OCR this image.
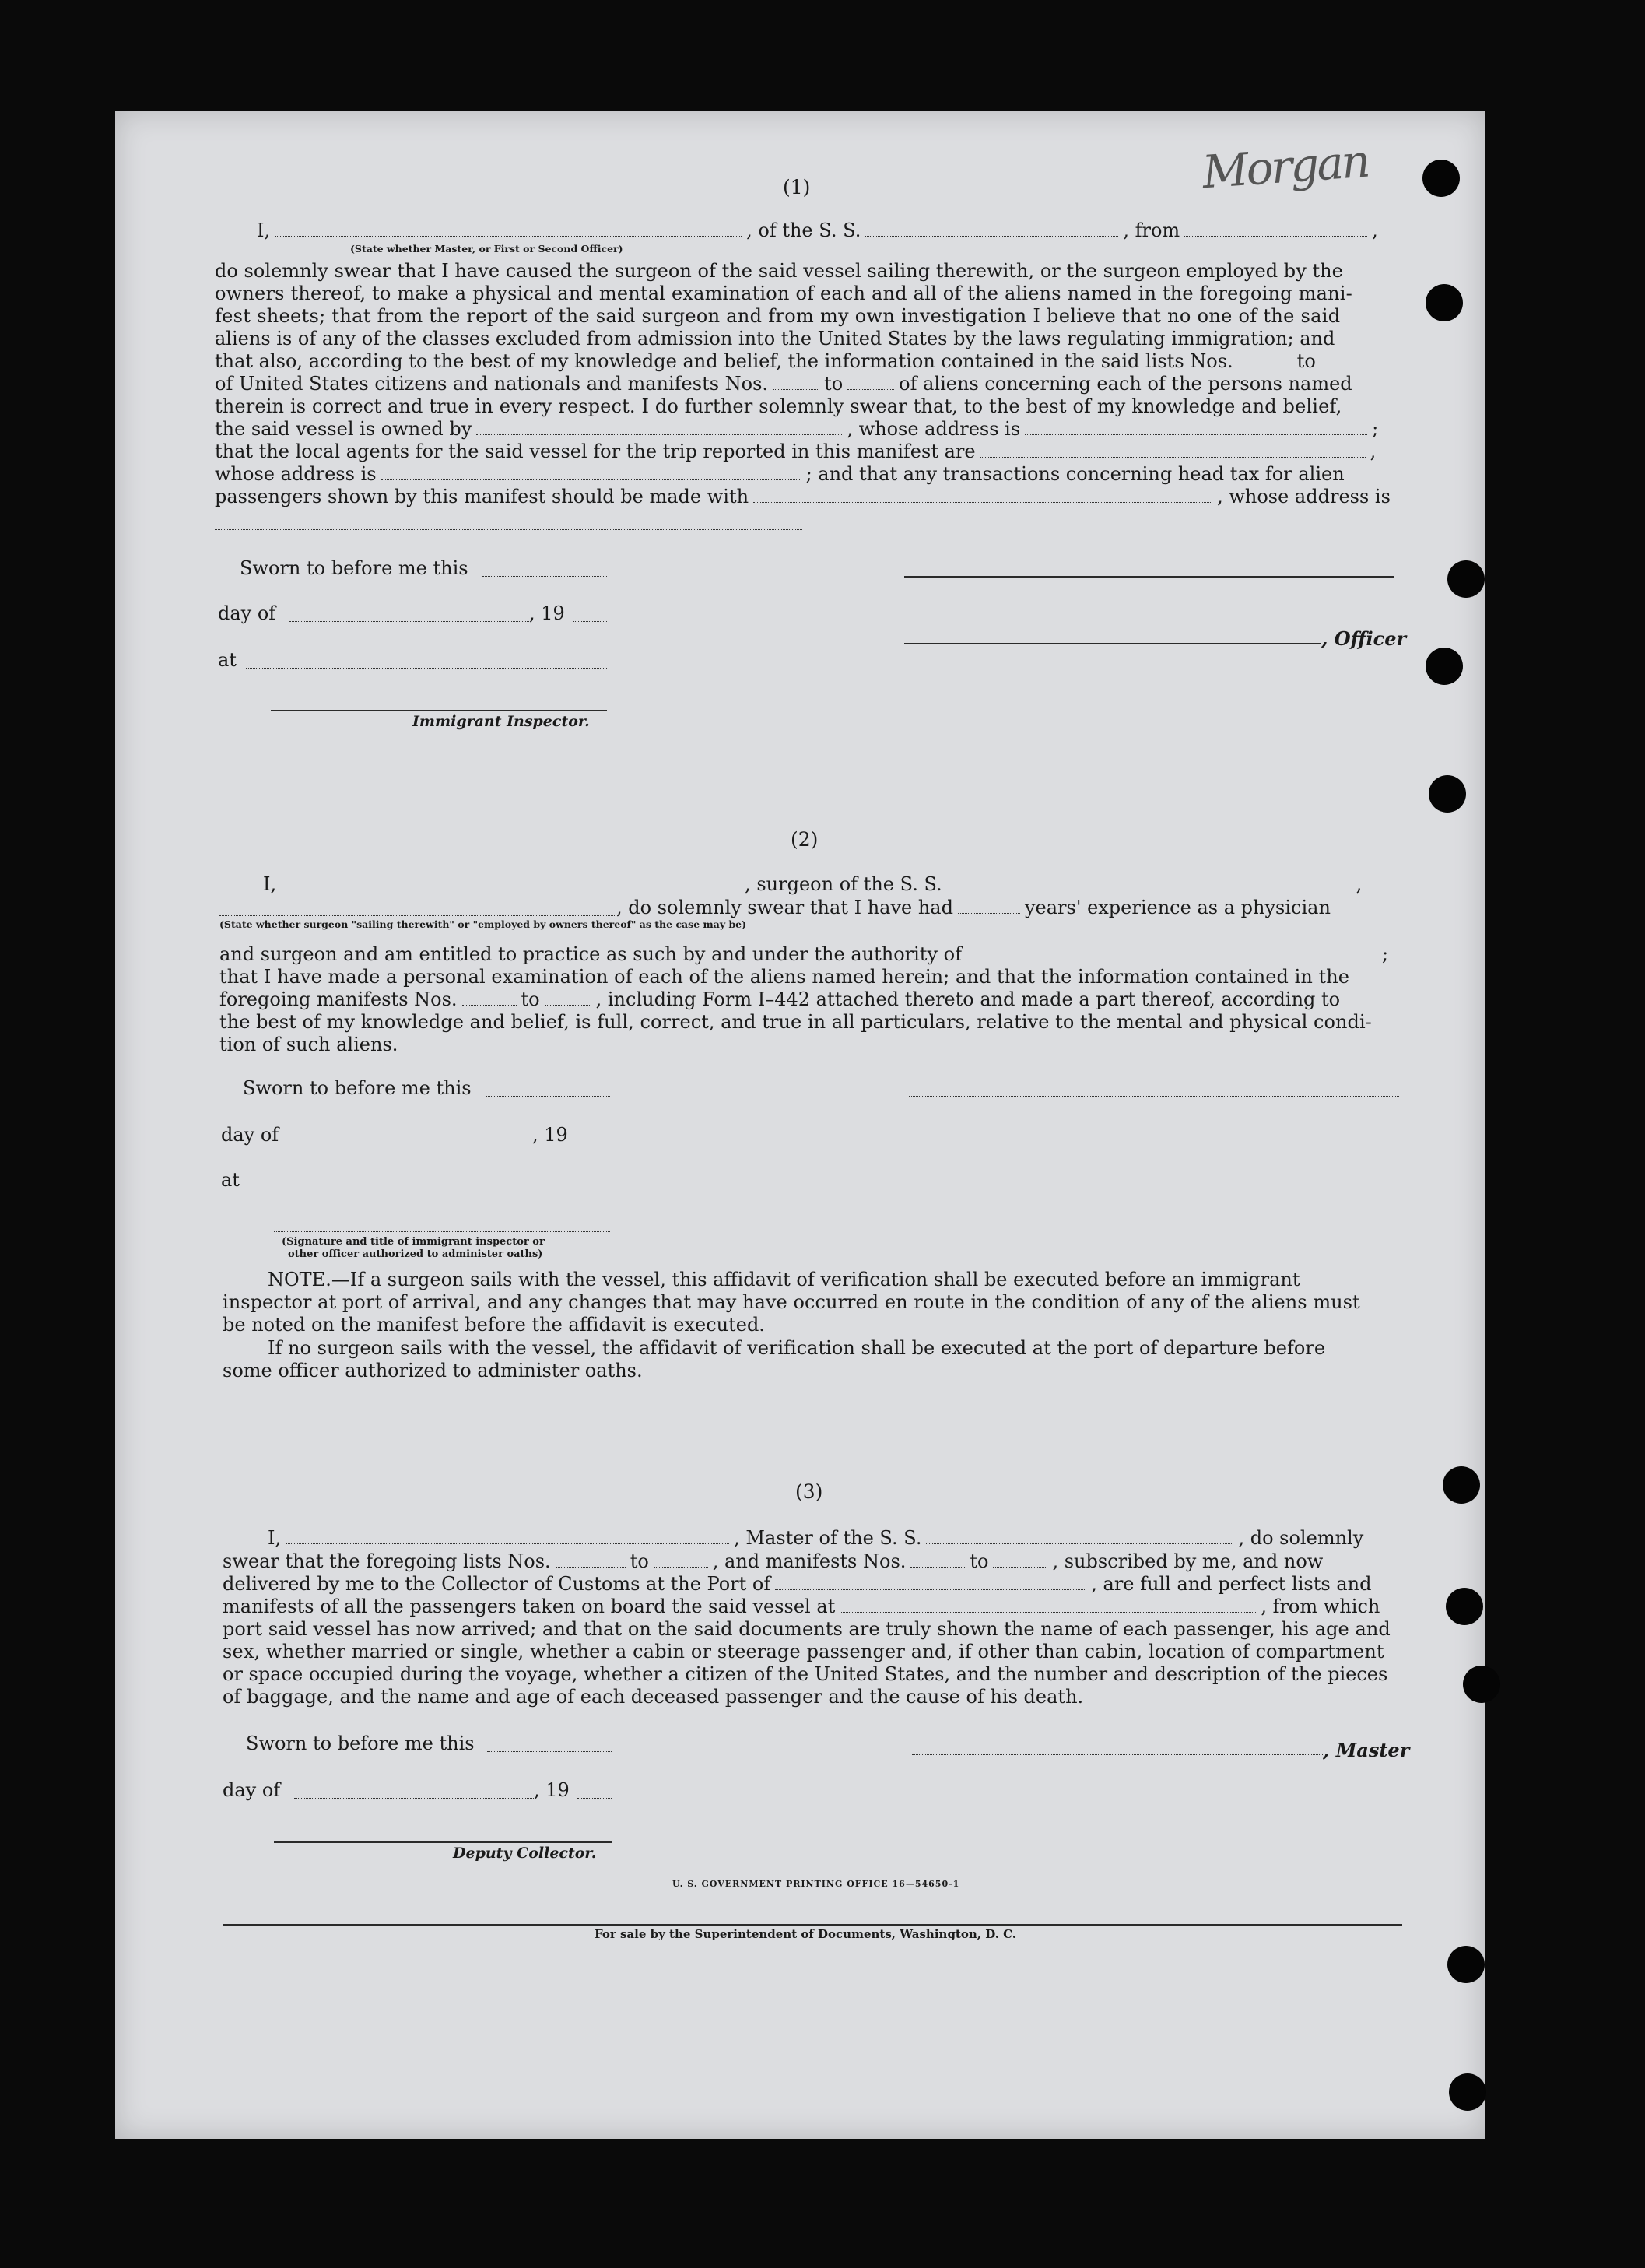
Morgan
(1)
I,	, of the S. S.	, from	,
(State whether Master, or First or Second Officer)
do solemnly swear that I have caused the surgeon of the said vessel sailing therewith, or the surgeon employed by the
owners thereof, to make a physical and mental examination of each and all of the aliens named in the foregoing mani-
fest sheets; that from the report of the said surgeon and from my own investigation I believe that no one of the said
aliens is of any of the classes excluded from admission into the United States by the laws regulating immigration; and
that also, according to the best of my knowledge and belief, the information contained in the said lists Nos.	to
of United States citizens and nationals and manifests Nos.	to	of aliens concerning each of the persons named
therein is correct and true in every respect. I do further solemnly swear that, to the best of my knowledge and belief,
the said vessel is owned by	, whose address is	;
that the local agents for the said vessel for the trip reported in this manifest are	,
whose address is	; and that any transactions concerning head tax for alien
passengers shown by this manifest should be made with	, whose address is
Sworn to before me this
day of	, 19
, Officer
at
Immigrant Inspector.
(2)
I,	, surgeon of the S. S.	,
, do solemnly swear that I have had	years' experience as a physician
(State whether surgeon "sailing therewith" or "employed by owners thereof" as the case may be)
and surgeon and am entitled to practice as such by and under the authority of	;
that I have made a personal examination of each of the aliens named herein; and that the information contained in the
foregoing manifests Nos.	to	, including Form I–442 attached thereto and made a part thereof, according to
the best of my knowledge and belief, is full, correct, and true in all particulars, relative to the mental and physical condi-
tion of such aliens.
Sworn to before me this
day of	, 19
at
(Signature and title of immigrant inspector or
other officer authorized to administer oaths)
NOTE.—If a surgeon sails with the vessel, this affidavit of verification shall be executed before an immigrant
inspector at port of arrival, and any changes that may have occurred en route in the condition of any of the aliens must
be noted on the manifest before the affidavit is executed.
If no surgeon sails with the vessel, the affidavit of verification shall be executed at the port of departure before
some officer authorized to administer oaths.
(3)
I,	, Master of the S. S.	, do solemnly
swear that the foregoing lists Nos.	to	, and manifests Nos.	to	, subscribed by me, and now
delivered by me to the Collector of Customs at the Port of	, are full and perfect lists and
manifests of all the passengers taken on board the said vessel at	, from which
port said vessel has now arrived; and that on the said documents are truly shown the name of each passenger, his age and
sex, whether married or single, whether a cabin or steerage passenger and, if other than cabin, location of compartment
or space occupied during the voyage, whether a citizen of the United States, and the number and description of the pieces
of baggage, and the name and age of each deceased passenger and the cause of his death.
Sworn to before me this	, Master
day of	, 19
Deputy Collector.
U. S. GOVERNMENT PRINTING OFFICE 16—54650-1
For sale by the Superintendent of Documents, Washington, D. C.
